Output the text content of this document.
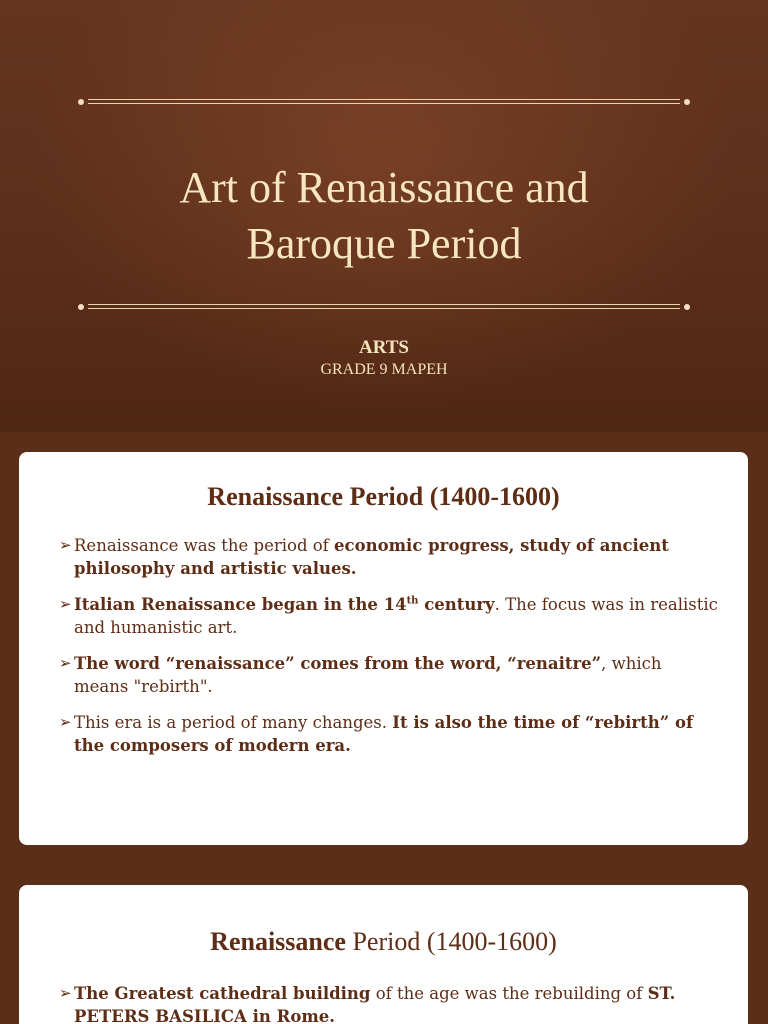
Art of Renaissance and
Baroque Period
ARTS
GRADE 9 MAPEH
Renaissance Period (1400-1600)
➢ Renaissance was the period of economic progress, study of ancient philosophy and artistic values.
➢ Italian Renaissance began in the 14th century. The focus was in realistic and humanistic art.
➢ The word “renaissance” comes from the word, “renaitre”, which means "rebirth".
➢ This era is a period of many changes. It is also the time of “rebirth” of the composers of modern era.
Renaissance Period (1400-1600)
➢ The Greatest cathedral building of the age was the rebuilding of ST. PETERS BASILICA in Rome.
